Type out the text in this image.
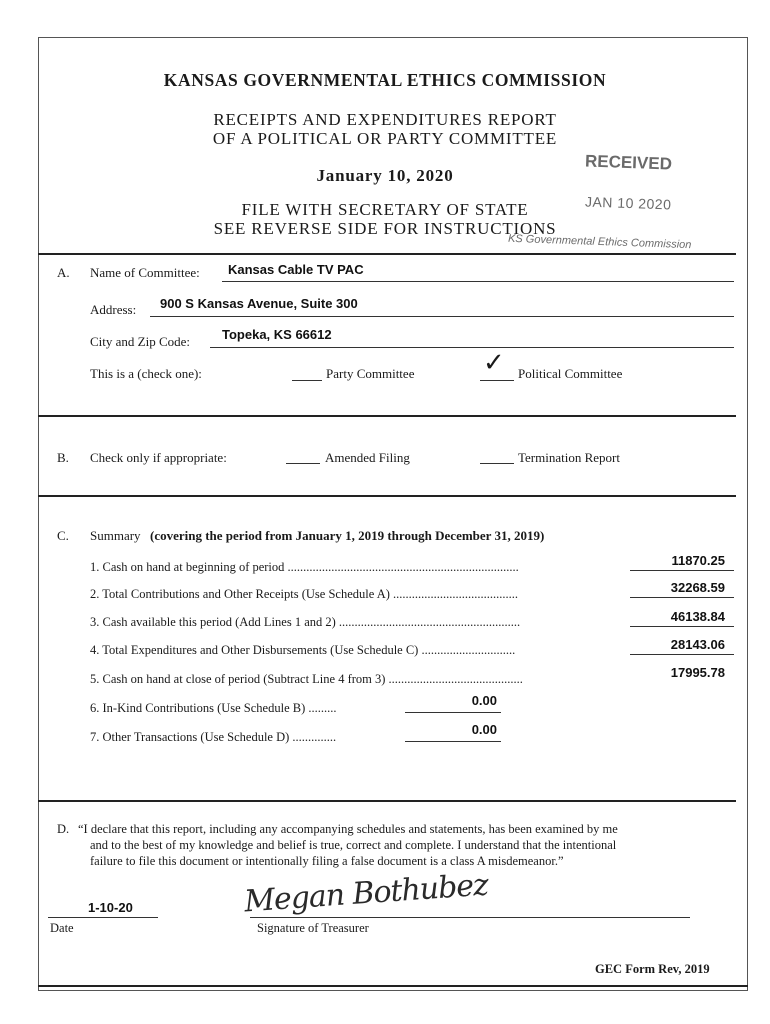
KANSAS GOVERNMENTAL ETHICS COMMISSION
RECEIPTS AND EXPENDITURES REPORT
OF A POLITICAL OR PARTY COMMITTEE
January 10, 2020
FILE WITH SECRETARY OF STATE
SEE REVERSE SIDE FOR INSTRUCTIONS
RECEIVED
JAN 10 2020
KS Governmental Ethics Commission
A. Name of Committee: Kansas Cable TV PAC
Address: 900 S Kansas Avenue, Suite 300
City and Zip Code: Topeka, KS 66612
This is a (check one):	Party Committee	✓ Political Committee
B. Check only if appropriate:	Amended Filing	Termination Report
C. Summary (covering the period from January 1, 2019 through December 31, 2019)
1. Cash on hand at beginning of period ..........................................................................	11870.25
2. Total Contributions and Other Receipts (Use Schedule A) ........................................	32268.59
3. Cash available this period (Add Lines 1 and 2) ..........................................................	46138.84
4. Total Expenditures and Other Disbursements (Use Schedule C) ..............................	28143.06
5. Cash on hand at close of period (Subtract Line 4 from 3) ...........................................	17995.78
6. In-Kind Contributions (Use Schedule B) .........	0.00
7. Other Transactions (Use Schedule D) ..............	0.00
D. “I declare that this report, including any accompanying schedules and statements, has been examined by me
and to the best of my knowledge and belief is true, correct and complete. I understand that the intentional
failure to file this document or intentionally filing a false document is a class A misdemeanor.”
1-10-20
Date
Megan Bothubez
Signature of Treasurer
GEC Form Rev, 2019
